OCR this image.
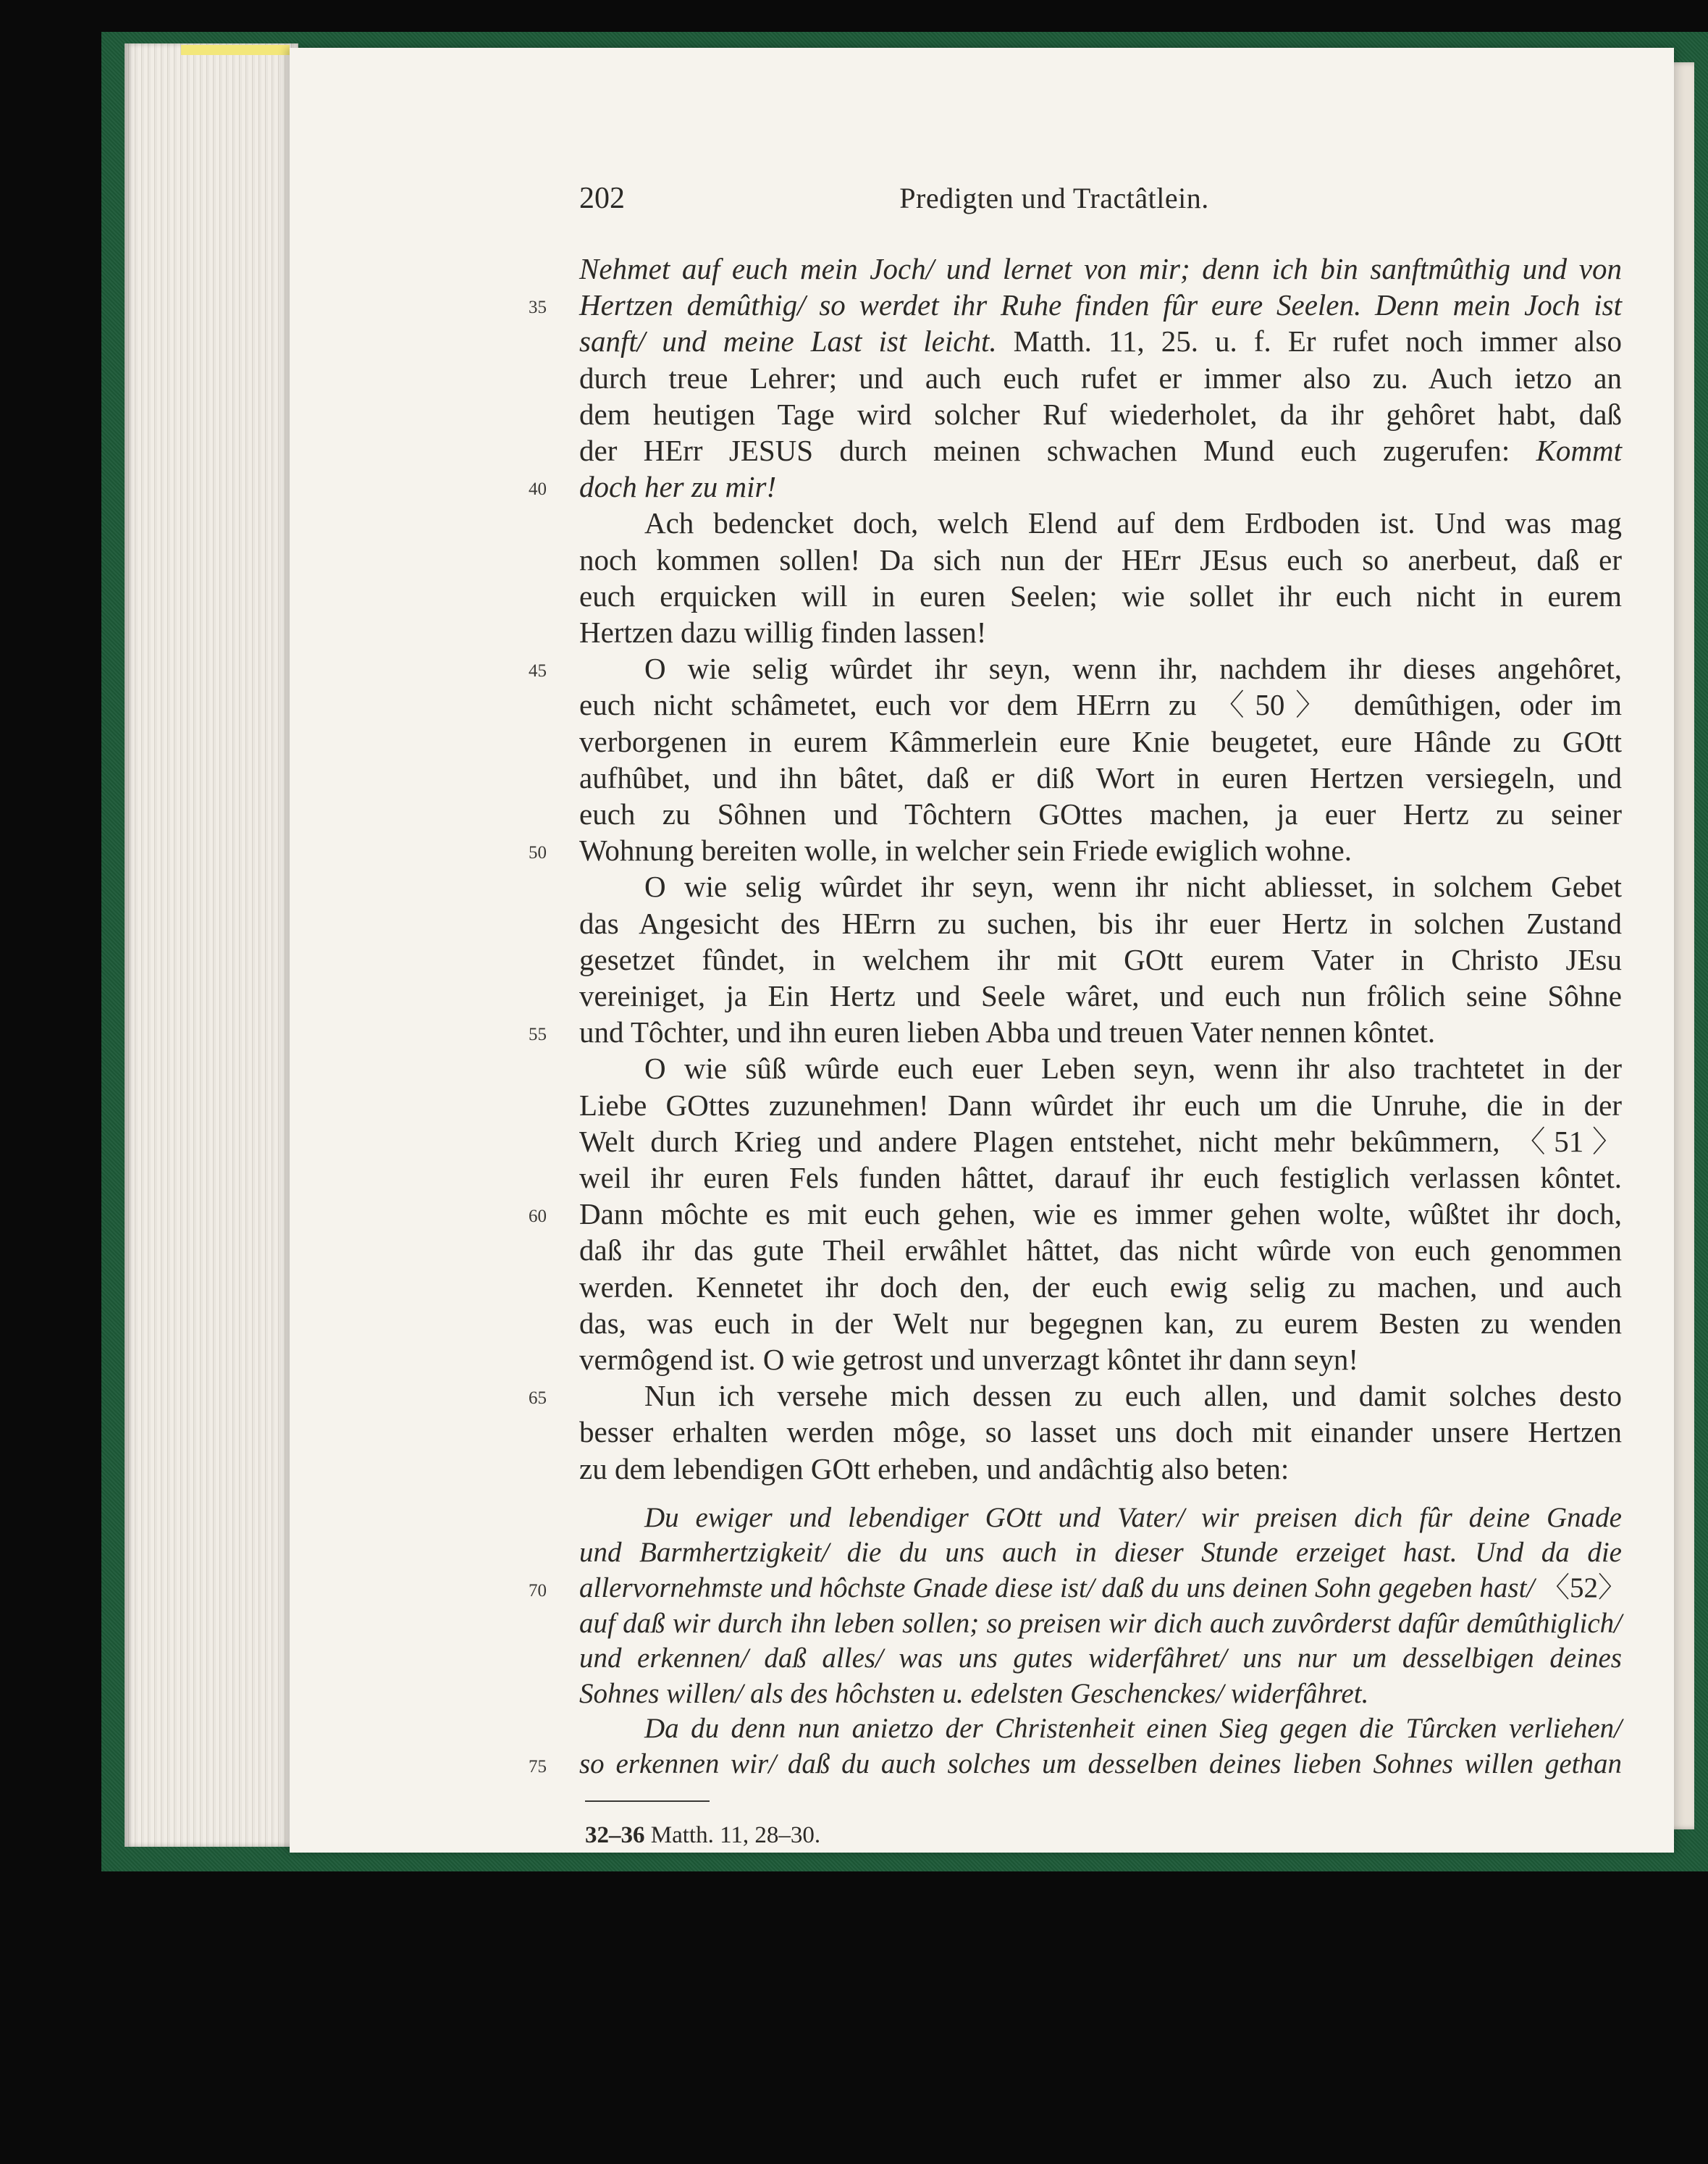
202	Predigten und Tractâtlein.
Nehmet auf euch mein Joch/ und lernet von mir; denn ich bin sanftmûthig und von
Hertzen demûthig/ so werdet ihr Ruhe finden fûr eure Seelen. Denn mein Joch ist
35
sanft/ und meine Last ist leicht. Matth. 11, 25. u. f. Er rufet noch immer also
durch treue Lehrer; und auch euch rufet er immer also zu. Auch ietzo an
dem heutigen Tage wird solcher Ruf wiederholet, da ihr gehôret habt, daß
der HErr JESUS durch meinen schwachen Mund euch zugerufen: Kommt
doch her zu mir!
40
Ach bedencket doch, welch Elend auf dem Erdboden ist. Und was mag
noch kommen sollen! Da sich nun der HErr JEsus euch so anerbeut, daß er
euch erquicken will in euren Seelen; wie sollet ihr euch nicht in eurem
Hertzen dazu willig finden lassen!
O wie selig wûrdet ihr seyn, wenn ihr, nachdem ihr dieses angehôret,
45
euch nicht schâmetet, euch vor dem HErrn zu 〈50〉 demûthigen, oder im
verborgenen in eurem Kâmmerlein eure Knie beugetet, eure Hânde zu GOtt
aufhûbet, und ihn bâtet, daß er diß Wort in euren Hertzen versiegeln, und
euch zu Sôhnen und Tôchtern GOttes machen, ja euer Hertz zu seiner
Wohnung bereiten wolle, in welcher sein Friede ewiglich wohne.
50
O wie selig wûrdet ihr seyn, wenn ihr nicht abliesset, in solchem Gebet
das Angesicht des HErrn zu suchen, bis ihr euer Hertz in solchen Zustand
gesetzet fûndet, in welchem ihr mit GOtt eurem Vater in Christo JEsu
vereiniget, ja Ein Hertz und Seele wâret, und euch nun frôlich seine Sôhne
und Tôchter, und ihn euren lieben Abba und treuen Vater nennen kôntet.
55
O wie sûß wûrde euch euer Leben seyn, wenn ihr also trachtetet in der
Liebe GOttes zuzunehmen! Dann wûrdet ihr euch um die Unruhe, die in der
Welt durch Krieg und andere Plagen entstehet, nicht mehr bekûmmern, 〈51〉
weil ihr euren Fels funden hâttet, darauf ihr euch festiglich verlassen kôntet.
Dann môchte es mit euch gehen, wie es immer gehen wolte, wûßtet ihr doch,
60
daß ihr das gute Theil erwâhlet hâttet, das nicht wûrde von euch genommen
werden. Kennetet ihr doch den, der euch ewig selig zu machen, und auch
das, was euch in der Welt nur begegnen kan, zu eurem Besten zu wenden
vermôgend ist. O wie getrost und unverzagt kôntet ihr dann seyn!
Nun ich versehe mich dessen zu euch allen, und damit solches desto
65
besser erhalten werden môge, so lasset uns doch mit einander unsere Hertzen
zu dem lebendigen GOtt erheben, und andâchtig also beten:
Du ewiger und lebendiger GOtt und Vater/ wir preisen dich fûr deine Gnade
und Barmhertzigkeit/ die du uns auch in dieser Stunde erzeiget hast. Und da die
allervornehmste und hôchste Gnade diese ist/ daß du uns deinen Sohn gegeben hast/ 〈52〉
70
auf daß wir durch ihn leben sollen; so preisen wir dich auch zuvôrderst dafûr demûthiglich/
und erkennen/ daß alles/ was uns gutes widerfâhret/ uns nur um desselbigen deines
Sohnes willen/ als des hôchsten u. edelsten Geschenckes/ widerfâhret.
Da du denn nun anietzo der Christenheit einen Sieg gegen die Tûrcken verliehen/
so erkennen wir/ daß du auch solches um desselben deines lieben Sohnes willen gethan
75
32–36 Matth. 11, 28–30.
